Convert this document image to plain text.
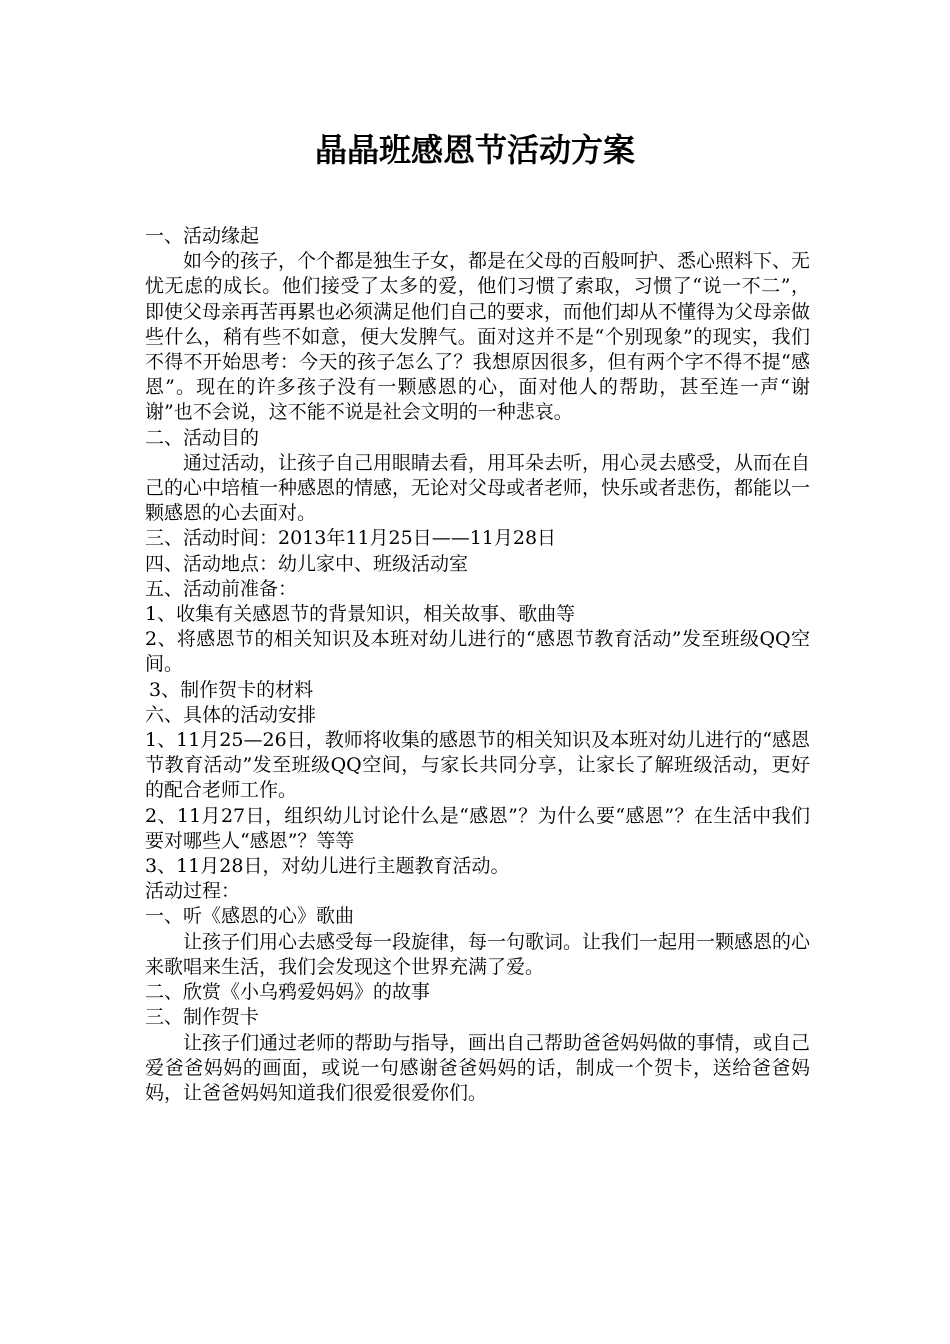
晶晶班感恩节活动方案

一、活动缘起

如今的孩子，个个都是独生子女，都是在父母的百般呵护、悉心照料下、无忧无虑的成长。他们接受了太多的爱，他们习惯了索取，习惯了“说一不二”，即使父母亲再苦再累也必须满足他们自己的要求，而他们却从不懂得为父母亲做些什么，稍有些不如意，便大发脾气。面对这并不是“个别现象”的现实，我们不得不开始思考：今天的孩子怎么了？我想原因很多，但有两个字不得不提“感恩”。现在的许多孩子没有一颗感恩的心，面对他人的帮助，甚至连一声“谢谢”也不会说，这不能不说是社会文明的一种悲哀。

二、活动目的

通过活动，让孩子自己用眼睛去看，用耳朵去听，用心灵去感受，从而在自己的心中培植一种感恩的情感，无论对父母或者老师，快乐或者悲伤，都能以一颗感恩的心去面对。

三、活动时间：2013年11月25日——11月28日

四、活动地点：幼儿家中、班级活动室

五、活动前准备：

1、收集有关感恩节的背景知识，相关故事、歌曲等

2、将感恩节的相关知识及本班对幼儿进行的“感恩节教育活动”发至班级QQ空间。

3、制作贺卡的材料

六、具体的活动安排

1、11月25—26日，教师将收集的感恩节的相关知识及本班对幼儿进行的“感恩节教育活动”发至班级QQ空间，与家长共同分享，让家长了解班级活动，更好的配合老师工作。

2、11月27日，组织幼儿讨论什么是“感恩”？为什么要“感恩”？在生活中我们要对哪些人“感恩”？等等

3、11月28日，对幼儿进行主题教育活动。

活动过程：

一、听《感恩的心》歌曲

让孩子们用心去感受每一段旋律，每一句歌词。让我们一起用一颗感恩的心来歌唱来生活，我们会发现这个世界充满了爱。

二、欣赏《小乌鸦爱妈妈》的故事

三、制作贺卡

让孩子们通过老师的帮助与指导，画出自己帮助爸爸妈妈做的事情，或自己爱爸爸妈妈的画面，或说一句感谢爸爸妈妈的话，制成一个贺卡，送给爸爸妈妈，让爸爸妈妈知道我们很爱很爱你们。
